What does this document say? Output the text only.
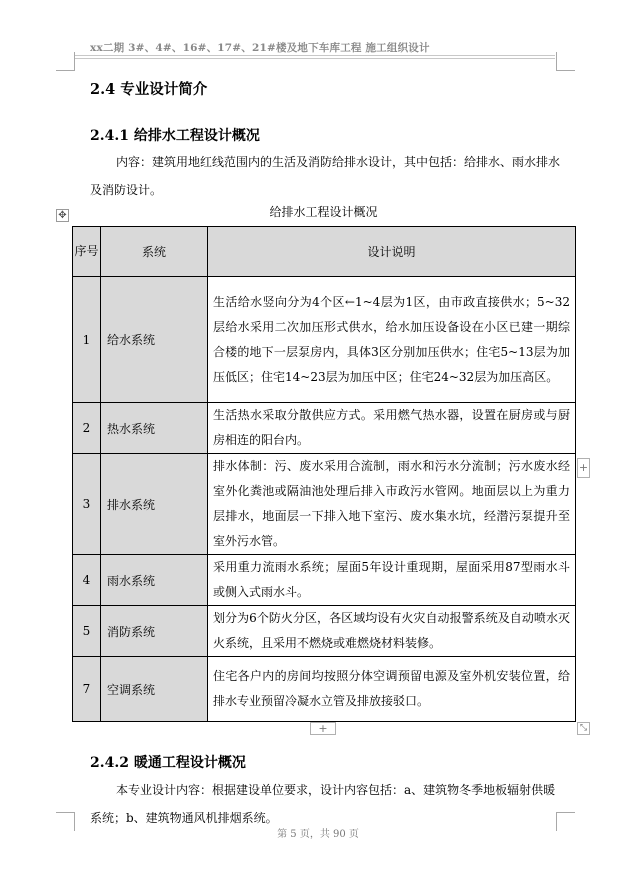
xx二期 3#、4#、16#、17#、21#楼及地下车库工程 施工组织设计
2.4 专业设计简介
2.4.1 给排水工程设计概况

内容：建筑用地红线范围内的生活及消防给排水设计，其中包括：给排水、雨水排水及消防设计。

✥	给排水工程设计概况
序号	系统	设计说明
1	给水系统	生活给水竖向分为4个区←1~4层为1区，由市政直接供水；5~32层给水采用二次加压形式供水，给水加压设备设在小区已建一期综合楼的地下一层泵房内，具体3区分别加压供水；住宅5~13层为加压低区；住宅14~23层为加压中区；住宅24~32层为加压高区。
2	热水系统	生活热水采取分散供应方式。采用燃气热水器，设置在厨房或与厨房相连的阳台内。
3	排水系统	排水体制：污、废水采用合流制，雨水和污水分流制；污水废水经室外化粪池或隔油池处理后排入市政污水管网。地面层以上为重力层排水，地面层一下排入地下室污、废水集水坑，经潜污泵提升至室外污水管。
4	雨水系统	采用重力流雨水系统；屋面5年设计重现期，屋面采用87型雨水斗或侧入式雨水斗。
5	消防系统	划分为6个防火分区，各区域均设有火灾自动报警系统及自动喷水灭火系统，且采用不燃烧或难燃烧材料装修。
7	空调系统	住宅各户内的房间均按照分体空调预留电源及室外机安装位置，给排水专业预留冷凝水立管及排放接驳口。
+
+	⤡
2.4.2 暖通工程设计概况

本专业设计内容：根据建设单位要求，设计内容包括：a、建筑物冬季地板辐射供暖系统；b、建筑物通风机排烟系统。

第 5 页，共 90 页
